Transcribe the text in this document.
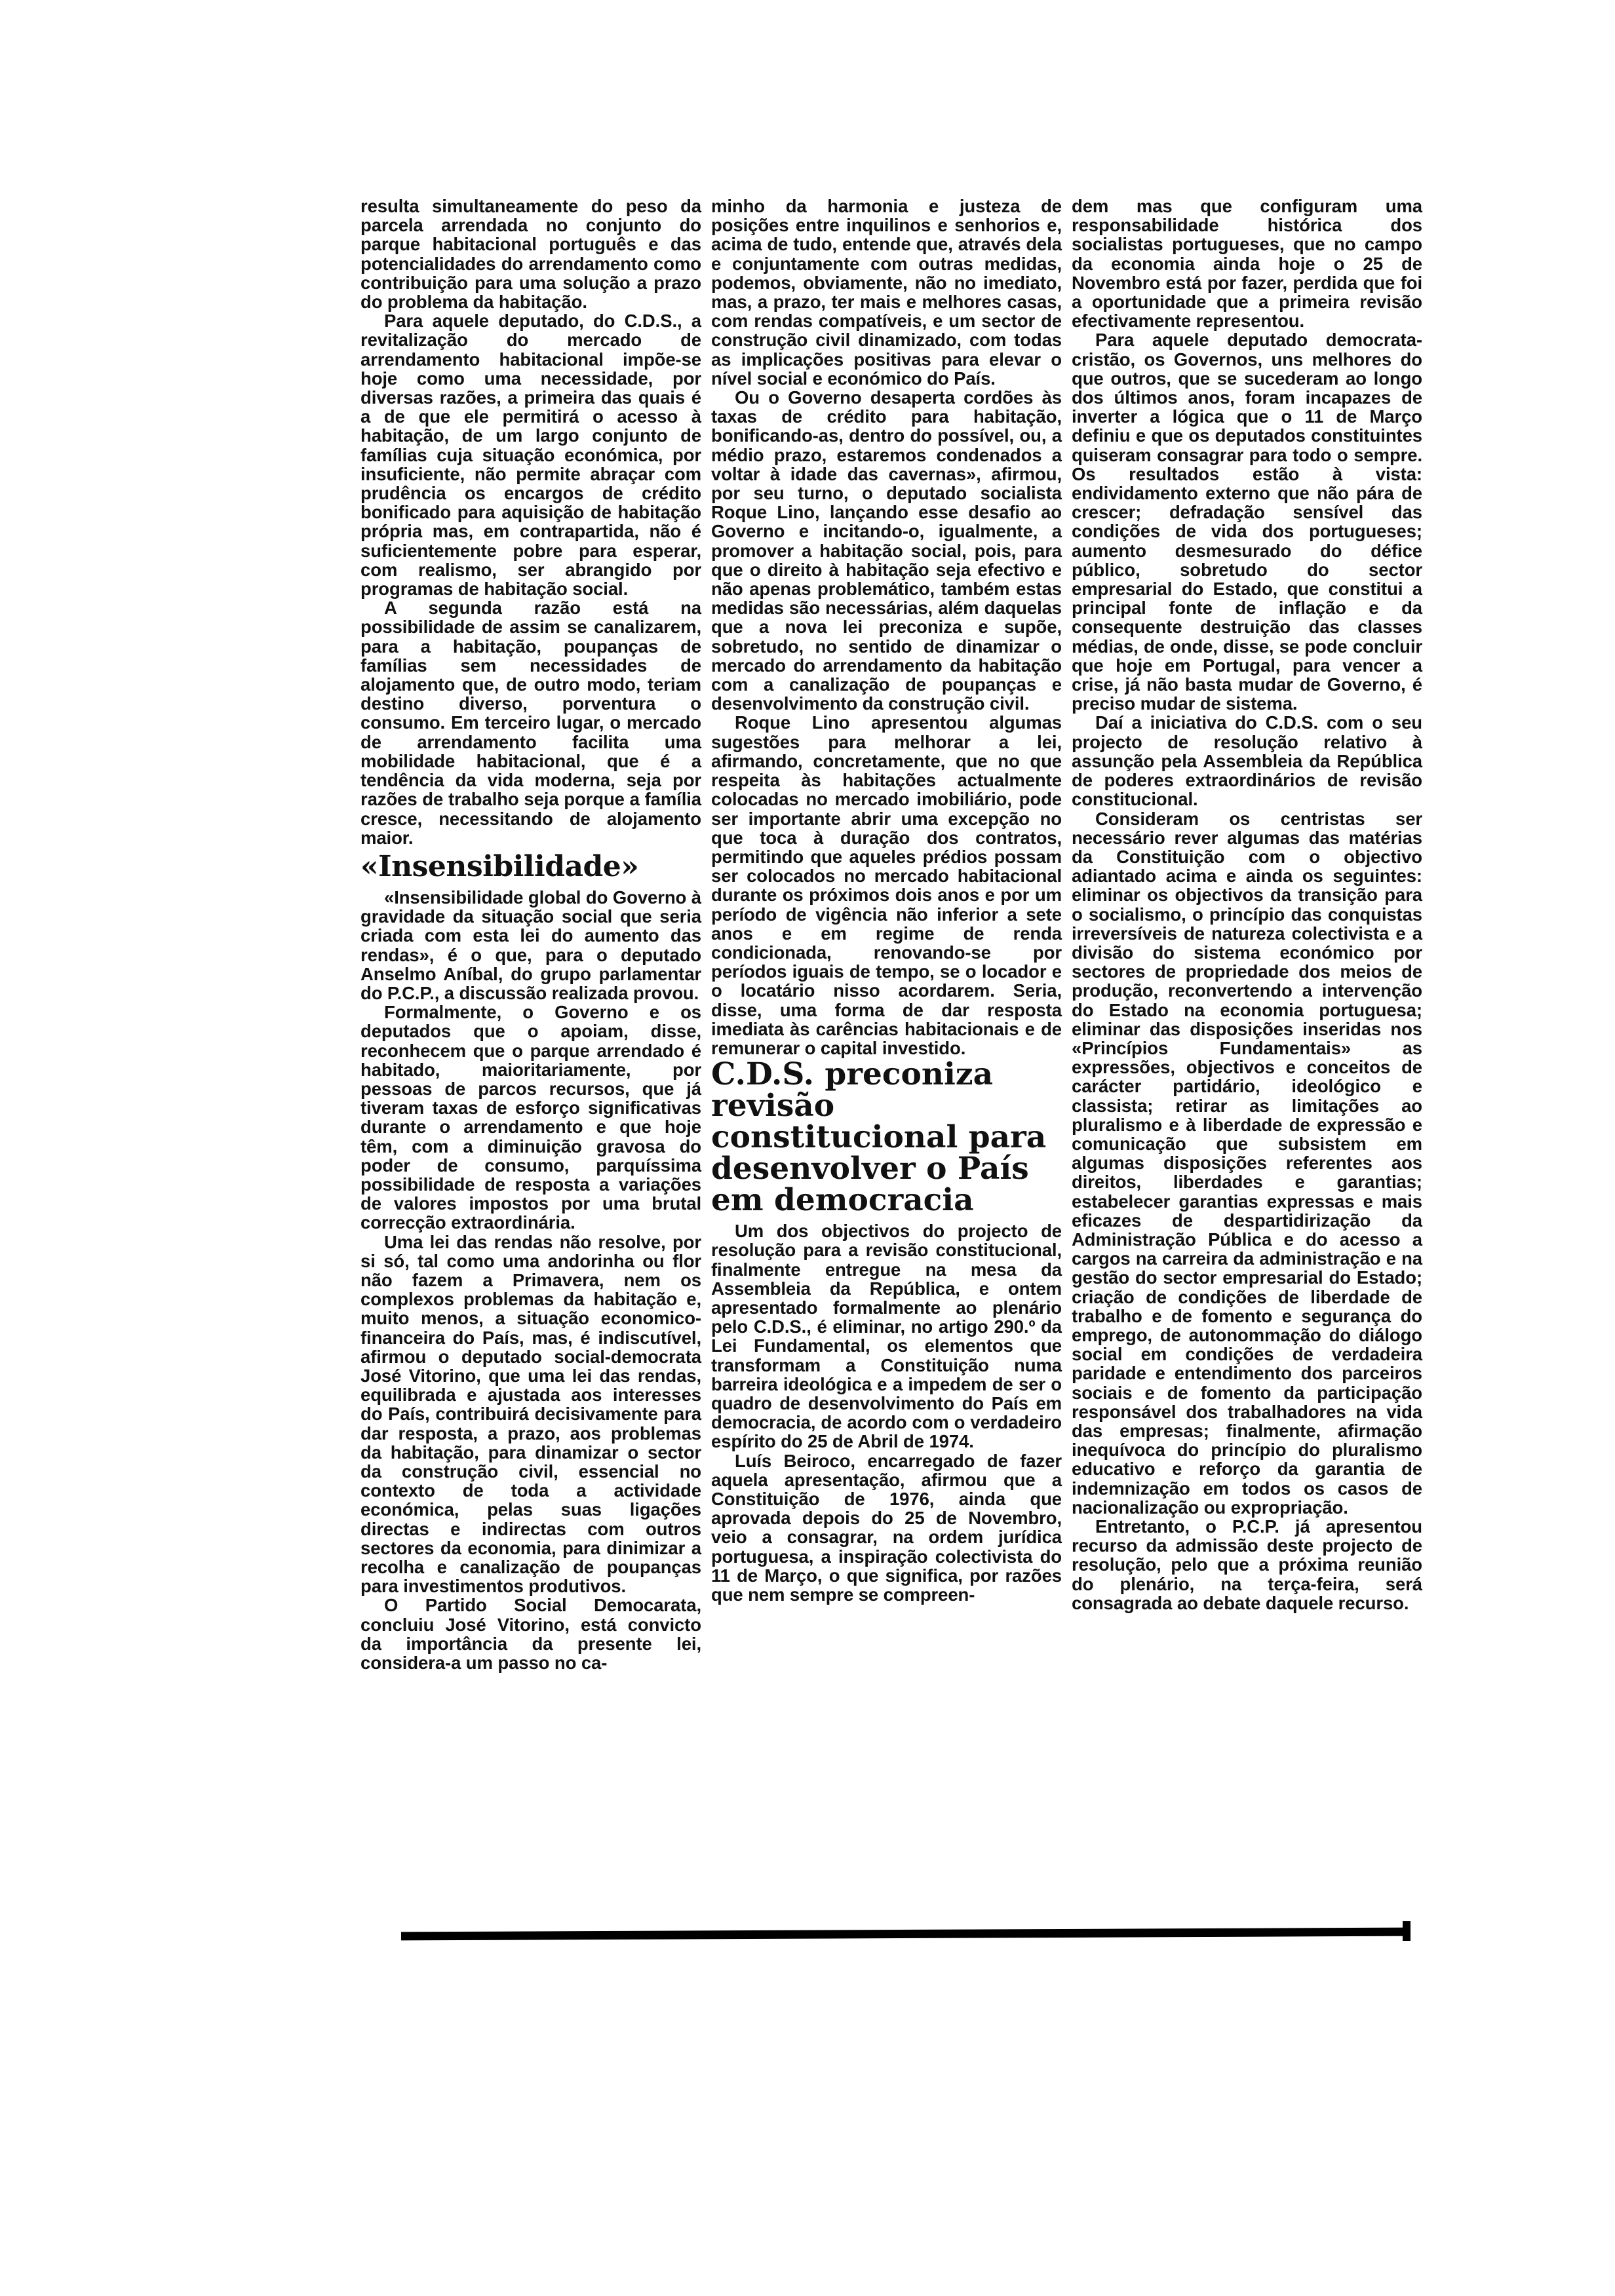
resulta simultaneamente do peso da parcela arrendada no conjunto do parque habitacional português e das potencialidades do arrendamento como contribuição para uma solução a prazo do problema da habitação.

Para aquele deputado, do C.D.S., a revitalização do mercado de arrendamento habitacional impõe-se hoje como uma necessidade, por diversas razões, a primeira das quais é a de que ele permitirá o acesso à habitação, de um largo conjunto de famílias cuja situação económica, por insuficiente, não permite abraçar com prudência os encargos de crédito bonificado para aquisição de habitação própria mas, em contrapartida, não é suficientemente pobre para esperar, com realismo, ser abrangido por programas de habitação social.

A segunda razão está na possibilidade de assim se canalizarem, para a habitação, poupanças de famílias sem necessidades de alojamento que, de outro modo, teriam destino diverso, porventura o consumo. Em terceiro lugar, o mercado de arrendamento facilita uma mobilidade habitacional, que é a tendência da vida moderna, seja por razões de trabalho seja porque a família cresce, necessitando de alojamento maior.

«Insensibilidade»

«Insensibilidade global do Governo à gravidade da situação social que seria criada com esta lei do aumento das rendas», é o que, para o deputado Anselmo Aníbal, do grupo parlamentar do P.C.P., a discussão realizada provou.

Formalmente, o Governo e os deputados que o apoiam, disse, reconhecem que o parque arrendado é habitado, maioritariamente, por pessoas de parcos recursos, que já tiveram taxas de esforço significativas durante o arrendamento e que hoje têm, com a diminuição gravosa do poder de consumo, parquíssima possibilidade de resposta a variações de valores impostos por uma brutal correcção extraordinária.

Uma lei das rendas não resolve, por si só, tal como uma andorinha ou flor não fazem a Primavera, nem os complexos problemas da habitação e, muito menos, a situação economico-financeira do País, mas, é indiscutível, afirmou o deputado social-democrata José Vitorino, que uma lei das rendas, equilibrada e ajustada aos interesses do País, contribuirá decisivamente para dar resposta, a prazo, aos problemas da habitação, para dinamizar o sector da construção civil, essencial no contexto de toda a actividade económica, pelas suas ligações directas e indirectas com outros sectores da economia, para dinimizar a recolha e canalização de poupanças para investimentos produtivos.

O Partido Social Democarata, concluiu José Vitorino, está convicto da importância da presente lei, considera-a um passo no ca-

minho da harmonia e justeza de posições entre inquilinos e senhorios e, acima de tudo, entende que, através dela e conjuntamente com outras medidas, podemos, obviamente, não no imediato, mas, a prazo, ter mais e melhores casas, com rendas compatíveis, e um sector de construção civil dinamizado, com todas as implicações positivas para elevar o nível social e económico do País.

Ou o Governo desaperta cordões às taxas de crédito para habitação, bonificando-as, dentro do possível, ou, a médio prazo, estaremos condenados a voltar à idade das cavernas», afirmou, por seu turno, o deputado socialista Roque Lino, lançando esse desafio ao Governo e incitando-o, igualmente, a promover a habitação social, pois, para que o direito à habitação seja efectivo e não apenas problemático, também estas medidas são necessárias, além daquelas que a nova lei preconiza e supõe, sobretudo, no sentido de dinamizar o mercado do arrendamento da habitação com a canalização de poupanças e desenvolvimento da construção civil.

Roque Lino apresentou algumas sugestões para melhorar a lei, afirmando, concretamente, que no que respeita às habitações actualmente colocadas no mercado imobiliário, pode ser importante abrir uma excepção no que toca à duração dos contratos, permitindo que aqueles prédios possam ser colocados no mercado habitacional durante os próximos dois anos e por um período de vigência não inferior a sete anos e em regime de renda condicionada, renovando-se por períodos iguais de tempo, se o locador e o locatário nisso acordarem. Seria, disse, uma forma de dar resposta imediata às carências habitacionais e de remunerar o capital investido.

C.D.S. preconiza revisão constitucional para desenvolver o País em democracia

Um dos objectivos do projecto de resolução para a revisão constitucional, finalmente entregue na mesa da Assembleia da República, e ontem apresentado formalmente ao plenário pelo C.D.S., é eliminar, no artigo 290.º da Lei Fundamental, os elementos que transformam a Constituição numa barreira ideológica e a impedem de ser o quadro de desenvolvimento do País em democracia, de acordo com o verdadeiro espírito do 25 de Abril de 1974.

Luís Beiroco, encarregado de fazer aquela apresentação, afirmou que a Constituição de 1976, ainda que aprovada depois do 25 de Novembro, veio a consagrar, na ordem jurídica portuguesa, a inspiração colectivista do 11 de Março, o que significa, por razões que nem sempre se compreen-

dem mas que configuram uma responsabilidade histórica dos socialistas portugueses, que no campo da economia ainda hoje o 25 de Novembro está por fazer, perdida que foi a oportunidade que a primeira revisão efectivamente representou.

Para aquele deputado democrata-cristão, os Governos, uns melhores do que outros, que se sucederam ao longo dos últimos anos, foram incapazes de inverter a lógica que o 11 de Março definiu e que os deputados constituintes quiseram consagrar para todo o sempre. Os resultados estão à vista: endividamento externo que não pára de crescer; defradação sensível das condições de vida dos portugueses; aumento desmesurado do défice público, sobretudo do sector empresarial do Estado, que constitui a principal fonte de inflação e da consequente destruição das classes médias, de onde, disse, se pode concluir que hoje em Portugal, para vencer a crise, já não basta mudar de Governo, é preciso mudar de sistema.

Daí a iniciativa do C.D.S. com o seu projecto de resolução relativo à assunção pela Assembleia da República de poderes extraordinários de revisão constitucional.

Consideram os centristas ser necessário rever algumas das matérias da Constituição com o objectivo adiantado acima e ainda os seguintes: eliminar os objectivos da transição para o socialismo, o princípio das conquistas irreversíveis de natureza colectivista e a divisão do sistema económico por sectores de propriedade dos meios de produção, reconvertendo a intervenção do Estado na economia portuguesa; eliminar das disposições inseridas nos «Princípios Fundamentais» as expressões, objectivos e conceitos de carácter partidário, ideológico e classista; retirar as limitações ao pluralismo e à liberdade de expressão e comunicação que subsistem em algumas disposições referentes aos direitos, liberdades e garantias; estabelecer garantias expressas e mais eficazes de despartidirização da Administração Pública e do acesso a cargos na carreira da administração e na gestão do sector empresarial do Estado; criação de condições de liberdade de trabalho e de fomento e segurança do emprego, de autonommação do diálogo social em condições de verdadeira paridade e entendimento dos parceiros sociais e de fomento da participação responsável dos trabalhadores na vida das empresas; finalmente, afirmação inequívoca do princípio do pluralismo educativo e reforço da garantia de indemnização em todos os casos de nacionalização ou expropriação.

Entretanto, o P.C.P. já apresentou recurso da admissão deste projecto de resolução, pelo que a próxima reunião do plenário, na terça-feira, será consagrada ao debate daquele recurso.
